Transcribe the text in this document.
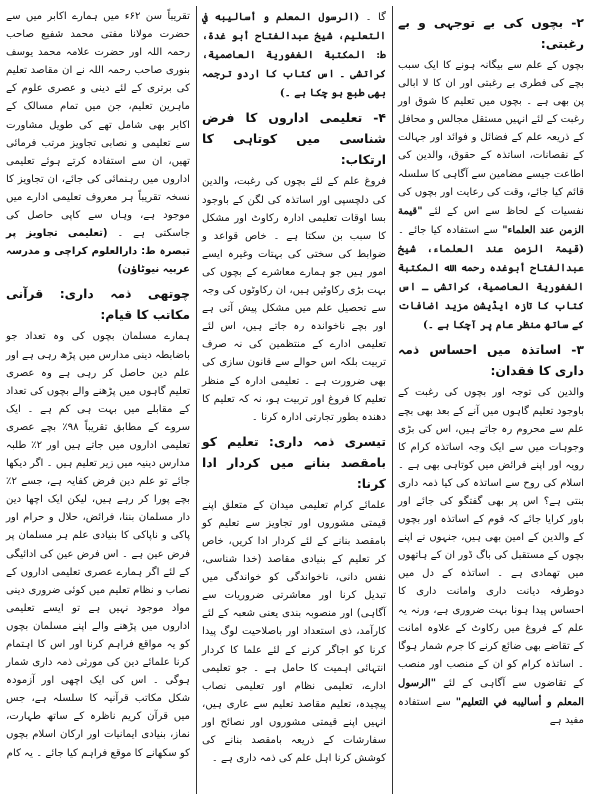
۲- بچوں کی بے توجہی و بے رغبتی:

بچوں کے علم سے بیگانہ ہونے کا ایک سبب بچے کی فطری بے رغبتی اور ان کا لا ابالی پن بھی ہے ۔ بچوں میں تعلیم کا شوق اور رغبت کے لئے انہیں مستقل مجالس و محافل کے ذریعہ علم کے فضائل و فوائد اور جہالت کے نقصانات، اساتذہ کے حقوق، والدین کی اطاعت جیسے مضامین سے آگاہی کا سلسلہ قائم کیا جائے، وقت کی رعایت اور بچوں کی نفسیات کے لحاظ سے اس کے لئے "قيمة الزمن عند العلماء" سے استفادہ کیا جائے ۔ (قیمۃ الزمن عند العلماء، شيخ عبدالفتاح أبوغده رحمه الله المكتبة الغفورية العاصمية، كراتشى ـ اس کتاب کا تازہ ایڈیشن مزید اضافات کے ساتھ منظر عام پر آچکا ہے ۔)

۳- اساتذہ میں احساس ذمہ داری کا فقدان:

والدین کی توجہ اور بچوں کی رغبت کے باوجود تعلیم گاہوں میں آنے کے بعد بھی بچے علم سے محروم رہ جاتے ہیں، اس کی بڑی وجوہات میں سے ایک وجہ اساتذہ کرام کا رویہ اور اپنے فرائض میں کوتاہی بھی ہے ۔ اسلام کی روح سے اساتذہ کی کیا ذمہ داری بنتی ہے؟ اس پر بھی گفتگو کی جائے اور باور کرایا جائے کہ قوم کے اساتذہ اور بچوں کے والدین کے امین بھی ہیں، جنہوں نے اپنے بچوں کے مستقبل کی باگ ڈور ان کے ہاتھوں میں تھمادی ہے ۔ اساتذہ کے دل میں دوطرفہ دیانت داری وامانت داری کا احساس پیدا ہونا بہت ضروری ہے، ورنہ یہ علم کے فروغ میں رکاوٹ کے علاوہ امانت کے تقاضے بھی ضائع کرنے کا جرم شمار ہوگا ۔ اساتذہ کرام کو ان کے منصب اور منصب کے تقاضوں سے آگاہی کے لئے "الرسول المعلم و أساليبه في التعليم" سے استفادہ مفید ہے

گا ۔ (الرسول المعلم و أساليبه في التعليم، شيخ عبدالفتاح أبو غدة، ط: المكتبة الغفورية العاصمية، كراتشى ۔ اس کتاب کا اردو ترجمہ بھی طبع ہو چکا ہے ۔)

۴- تعلیمی اداروں کا فرض شناسی میں کوتاہی کا ارتکاب:

فروغ علم کے لئے بچوں کی رغبت، والدین کی دلچسپی اور اساتذہ کی لگن کے باوجود بسا اوقات تعلیمی ادارہ رکاوٹ اور مشکل کا سبب بن سکتا ہے ۔ خاص قواعد و ضوابط کی سختی کی بہتات وغیرہ ایسے امور ہیں جو ہمارے معاشرے کے بچوں کی بہت بڑی رکاوٹیں ہیں، ان رکاوٹوں کی وجہ سے تحصیل علم میں مشکل پیش آتی ہے اور بچے ناخواندہ رہ جاتے ہیں، اس لئے تعلیمی ادارے کے منتظمین کی نہ صرف تربیت بلکہ اس حوالے سے قانون سازی کی بھی ضرورت ہے ۔ تعلیمی ادارہ کے منظر تعلیم کا فروغ اور تربیت ہو، نہ کہ تعلیم کا دھندہ بطور تجارتی ادارہ کرنا ۔

تیسری ذمہ داری: تعلیم کو بامقصد بنانے میں کردار ادا کرنا:

علمائے کرام تعلیمی میدان کے متعلق اپنے قیمتی مشوروں اور تجاویز سے تعلیم کو بامقصد بنانے کے لئے کردار ادا کریں، خاص کر تعلیم کے بنیادی مقاصد (خدا شناسی، نفس دانی، ناخواندگی کو خواندگی میں تبدیل کرنا اور معاشرتی ضروریات سے آگاہی) اور منصوبہ بندی یعنی شعبہ کے لئے کارآمد، ذی استعداد اور باصلاحیت لوگ پیدا کرنا کو اجاگر کرنے کے لئے علما کا کردار انتہائی اہمیت کا حامل ہے ۔ جو تعلیمی ادارے، تعلیمی نظام اور تعلیمی نصاب پیچیدہ، تعلیم مقاصد تعلیم سے عاری ہیں، انہیں اپنے قیمتی مشوروں اور نصائح اور سفارشات کے ذریعہ بامقصد بنانے کی کوشش کرنا اہل علم کی ذمہ داری ہے ۔

تقریباً سن ۶۲ء میں ہمارے اکابر میں سے حضرت مولانا مفتی محمد شفیع صاحب رحمہ اللہ اور حضرت علامہ محمد یوسف بنوری صاحب رحمہ اللہ نے ان مقاصد تعلیم کی برتری کے لئے دینی و عصری علوم کے ماہرین تعلیم، جن میں تمام مسالک کے اکابر بھی شامل تھے کی طویل مشاورت سے تعلیمی و نصابی تجاویز مرتب فرمائی تھیں، ان سے استفادہ کرتے ہوئے تعلیمی اداروں میں رہنمائی کی جائے، ان تجاویز کا نسخہ تقریباً ہر معروف تعلیمی ادارے میں موجود ہے، وہاں سے کاپی حاصل کی جاسکتی ہے ۔ (تعلیمی تجاویز پر تبصرہ ط: دارالعلوم کراچی و مدرسہ عربیہ نیوٹاؤن)

چوتھی ذمہ داری: قرآنی مکاتب کا قیام:

ہمارے مسلمان بچوں کی وہ تعداد جو باضابطہ دینی مدارس میں پڑھ رہی ہے اور علم دین حاصل کر رہی ہے وہ عصری تعلیم گاہوں میں پڑھنے والے بچوں کی تعداد کے مقابلے میں بہت ہی کم ہے ۔ ایک سروے کے مطابق تقریباً ۹۸٪ بچے عصری تعلیمی اداروں میں جاتے ہیں اور ۲٪ طلبہ مدارس دینیہ میں زیر تعلیم ہیں ۔ اگر دیکھا جائے تو علم دین فرض کفایہ ہے، جسے ۲٪ بچے پورا کر رہے ہیں، لیکن ایک اچھا دین دار مسلمان بننا، فرائض، حلال و حرام اور پاکی و ناپاکی کا بنیادی علم ہر مسلمان پر فرض عین ہے ۔ اس فرض عین کی ادائیگی کے لئے اگر ہمارے عصری تعلیمی اداروں کے نصاب و نظام تعلیم میں کوئی ضروری دینی مواد موجود نہیں ہے تو ایسے تعلیمی اداروں میں پڑھنے والے اپنے مسلمان بچوں کو یہ مواقع فراہم کرنا اور اس کا اہتمام کرنا علمائے دین کی مورثی ذمہ داری شمار ہوگی ۔ اس کی ایک اچھی اور آزمودہ شکل مکاتب قرآنیہ کا سلسلہ ہے، جس میں قرآن کریم ناظرہ کے ساتھ طہارت، نماز، بنیادی ایمانیات اور ارکان اسلام بچوں کو سکھانے کا موقع فراہم کیا جائے ۔ یہ کام
